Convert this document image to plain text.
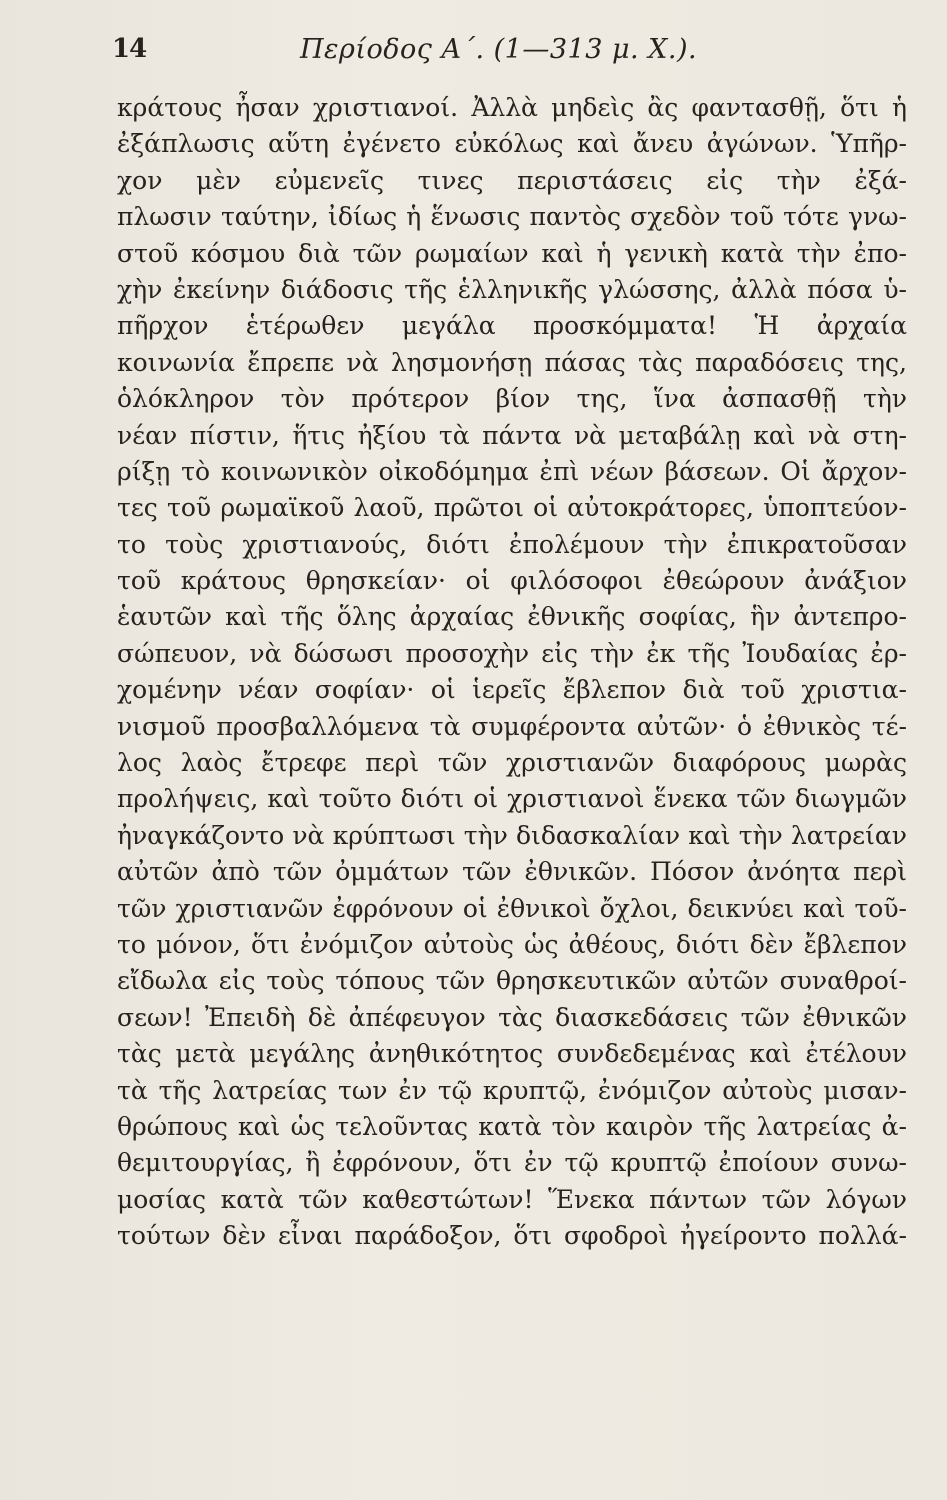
14	Περίοδος Α΄. (1—313 μ. Χ.).
κράτους ἦσαν χριστιανοί. Ἀλλὰ μηδεὶς ἂς φαντασθῇ, ὅτι ἡ
ἐξάπλωσις αὕτη ἐγένετο εὐκόλως καὶ ἄνευ ἀγώνων. Ὑπῆρ-
χον μὲν εὐμενεῖς τινες περιστάσεις εἰς τὴν ἐξά-
πλωσιν ταύτην, ἰδίως ἡ ἕνωσις παντὸς σχεδὸν τοῦ τότε γνω-
στοῦ κόσμου διὰ τῶν ρωμαίων καὶ ἡ γενικὴ κατὰ τὴν ἐπο-
χὴν ἐκείνην διάδοσις τῆς ἑλληνικῆς γλώσσης, ἀλλὰ πόσα ὑ-
πῆρχον ἑτέρωθεν μεγάλα προσκόμματα! Ἡ ἀρχαία
κοινωνία ἔπρεπε νὰ λησμονήσῃ πάσας τὰς παραδόσεις της,
ὁλόκληρον τὸν πρότερον βίον της, ἵνα ἀσπασθῇ τὴν
νέαν πίστιν, ἥτις ἠξίου τὰ πάντα νὰ μεταβάλῃ καὶ νὰ στη-
ρίξῃ τὸ κοινωνικὸν οἰκοδόμημα ἐπὶ νέων βάσεων. Οἱ ἄρχον-
τες τοῦ ρωμαϊκοῦ λαοῦ, πρῶτοι οἱ αὐτοκράτορες, ὑποπτεύον-
το τοὺς χριστιανούς, διότι ἐπολέμουν τὴν ἐπικρατοῦσαν
τοῦ κράτους θρησκείαν· οἱ φιλόσοφοι ἐθεώρουν ἀνάξιον
ἑαυτῶν καὶ τῆς ὅλης ἀρχαίας ἐθνικῆς σοφίας, ἣν ἀντεπρο-
σώπευον, νὰ δώσωσι προσοχὴν εἰς τὴν ἐκ τῆς Ἰουδαίας ἐρ-
χομένην νέαν σοφίαν· οἱ ἱερεῖς ἔβλεπον διὰ τοῦ χριστια-
νισμοῦ προσβαλλόμενα τὰ συμφέροντα αὐτῶν· ὁ ἐθνικὸς τέ-
λος λαὸς ἔτρεφε περὶ τῶν χριστιανῶν διαφόρους μωρὰς
προλήψεις, καὶ τοῦτο διότι οἱ χριστιανοὶ ἕνεκα τῶν διωγμῶν
ἠναγκάζοντο νὰ κρύπτωσι τὴν διδασκαλίαν καὶ τὴν λατρείαν
αὐτῶν ἀπὸ τῶν ὀμμάτων τῶν ἐθνικῶν. Πόσον ἀνόητα περὶ
τῶν χριστιανῶν ἐφρόνουν οἱ ἐθνικοὶ ὄχλοι, δεικνύει καὶ τοῦ-
το μόνον, ὅτι ἐνόμιζον αὐτοὺς ὡς ἀθέους, διότι δὲν ἔβλεπον
εἴδωλα εἰς τοὺς τόπους τῶν θρησκευτικῶν αὐτῶν συναθροί-
σεων! Ἐπειδὴ δὲ ἀπέφευγον τὰς διασκεδάσεις τῶν ἐθνικῶν
τὰς μετὰ μεγάλης ἀνηθικότητος συνδεδεμένας καὶ ἐτέλουν
τὰ τῆς λατρείας των ἐν τῷ κρυπτῷ, ἐνόμιζον αὐτοὺς μισαν-
θρώπους καὶ ὡς τελοῦντας κατὰ τὸν καιρὸν τῆς λατρείας ἀ-
θεμιτουργίας, ἢ ἐφρόνουν, ὅτι ἐν τῷ κρυπτῷ ἐποίουν συνω-
μοσίας κατὰ τῶν καθεστώτων! Ἕνεκα πάντων τῶν λόγων
τούτων δὲν εἶναι παράδοξον, ὅτι σφοδροὶ ἠγείροντο πολλά-
